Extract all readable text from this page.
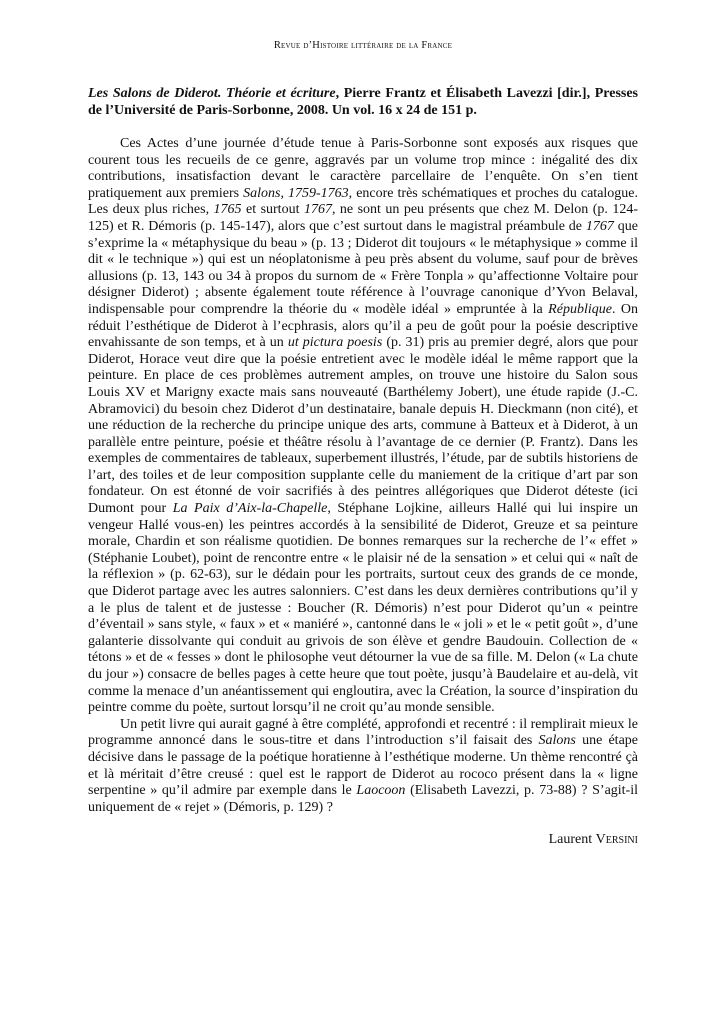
Revue d’Histoire littéraire de la France

Les Salons de Diderot. Théorie et écriture, Pierre Frantz et Élisabeth Lavezzi [dir.], Presses de l’Université de Paris-Sorbonne, 2008. Un vol. 16 x 24 de 151 p.

Ces Actes d’une journée d’étude tenue à Paris-Sorbonne sont exposés aux risques que courent tous les recueils de ce genre, aggravés par un volume trop mince : inégalité des dix contributions, insatisfaction devant le caractère parcellaire de l’enquête. On s’en tient pratiquement aux premiers Salons, 1759-1763, encore très schématiques et proches du catalogue. Les deux plus riches, 1765 et surtout 1767, ne sont un peu présents que chez M. Delon (p. 124-125) et R. Démoris (p. 145-147), alors que c’est surtout dans le magistral préambule de 1767 que s’exprime la « métaphysique du beau » (p. 13 ; Diderot dit toujours « le métaphysique » comme il dit « le technique ») qui est un néoplatonisme à peu près absent du volume, sauf pour de brèves allusions (p. 13, 143 ou 34 à propos du surnom de « Frère Tonpla » qu’affectionne Voltaire pour désigner Diderot) ; absente également toute référence à l’ouvrage canonique d’Yvon Belaval, indispensable pour comprendre la théorie du « modèle idéal » empruntée à la République. On réduit l’esthétique de Diderot à l’ecphrasis, alors qu’il a peu de goût pour la poésie descriptive envahissante de son temps, et à un ut pictura poesis (p. 31) pris au premier degré, alors que pour Diderot, Horace veut dire que la poésie entretient avec le modèle idéal le même rapport que la peinture. En place de ces problèmes autrement amples, on trouve une histoire du Salon sous Louis XV et Marigny exacte mais sans nouveauté (Barthélemy Jobert), une étude rapide (J.-C. Abramovici) du besoin chez Diderot d’un destinataire, banale depuis H. Dieckmann (non cité), et une réduction de la recherche du principe unique des arts, commune à Batteux et à Diderot, à un parallèle entre peinture, poésie et théâtre résolu à l’avantage de ce dernier (P. Frantz). Dans les exemples de commentaires de tableaux, superbement illustrés, l’étude, par de subtils historiens de l’art, des toiles et de leur composition supplante celle du maniement de la critique d’art par son fondateur. On est étonné de voir sacrifiés à des peintres allégoriques que Diderot déteste (ici Dumont pour La Paix d’Aix-la-Chapelle, Stéphane Lojkine, ailleurs Hallé qui lui inspire un vengeur Hallé vous-en) les peintres accordés à la sensibilité de Diderot, Greuze et sa peinture morale, Chardin et son réalisme quotidien. De bonnes remarques sur la recherche de l’« effet » (Stéphanie Loubet), point de rencontre entre « le plaisir né de la sensation » et celui qui « naît de la réflexion » (p. 62-63), sur le dédain pour les portraits, surtout ceux des grands de ce monde, que Diderot partage avec les autres salonniers. C’est dans les deux dernières contributions qu’il y a le plus de talent et de justesse : Boucher (R. Démoris) n’est pour Diderot qu’un « peintre d’éventail » sans style, « faux » et « maniéré », cantonné dans le « joli » et le « petit goût », d’une galanterie dissolvante qui conduit au grivois de son élève et gendre Baudouin. Collection de « tétons » et de « fesses » dont le philosophe veut détourner la vue de sa fille. M. Delon (« La chute du jour ») consacre de belles pages à cette heure que tout poète, jusqu’à Baudelaire et au-delà, vit comme la menace d’un anéantissement qui engloutira, avec la Création, la source d’inspiration du peintre comme du poète, surtout lorsqu’il ne croit qu’au monde sensible.

Un petit livre qui aurait gagné à être complété, approfondi et recentré : il remplirait mieux le programme annoncé dans le sous-titre et dans l’introduction s’il faisait des Salons une étape décisive dans le passage de la poétique horatienne à l’esthétique moderne. Un thème rencontré çà et là méritait d’être creusé : quel est le rapport de Diderot au rococo présent dans la « ligne serpentine » qu’il admire par exemple dans le Laocoon (Elisabeth Lavezzi, p. 73-88) ? S’agit-il uniquement de « rejet » (Démoris, p. 129) ?

Laurent Versini
